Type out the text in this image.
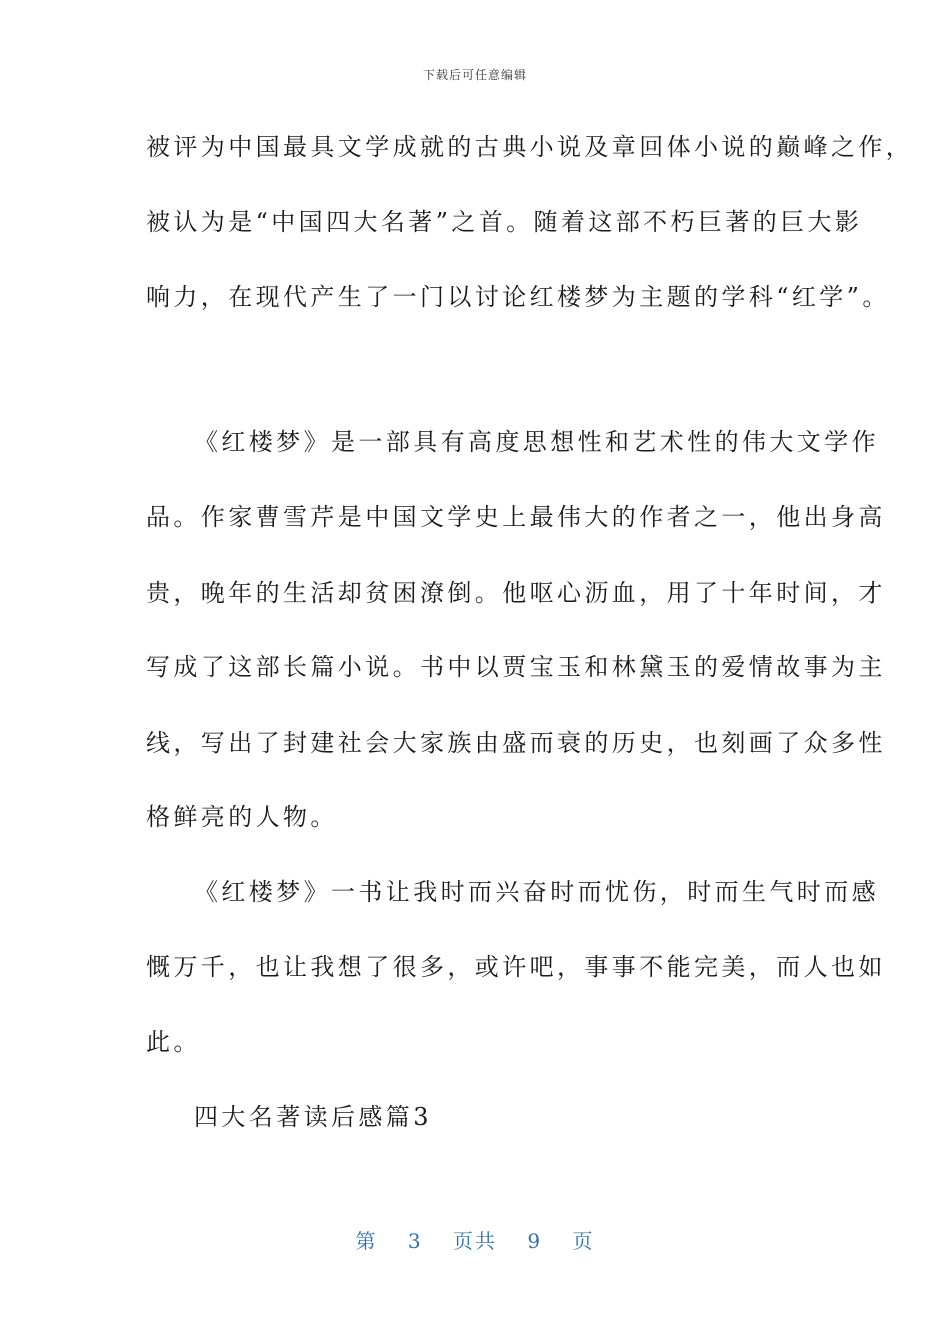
下载后可任意编辑
被评为中国最具文学成就的古典小说及章回体小说的巅峰之作，
被认为是“中国四大名著”之首。随着这部不朽巨著的巨大影
响力，在现代产生了一门以讨论红楼梦为主题的学科“红学”。
《红楼梦》是一部具有高度思想性和艺术性的伟大文学作
品。作家曹雪芹是中国文学史上最伟大的作者之一，他出身高
贵，晚年的生活却贫困潦倒。他呕心沥血，用了十年时间，才
写成了这部长篇小说。书中以贾宝玉和林黛玉的爱情故事为主
线，写出了封建社会大家族由盛而衰的历史，也刻画了众多性
格鲜亮的人物。
《红楼梦》一书让我时而兴奋时而忧伤，时而生气时而感
慨万千，也让我想了很多，或许吧，事事不能完美，而人也如
此。
四大名著读后感篇3
第 3 页共 9 页
